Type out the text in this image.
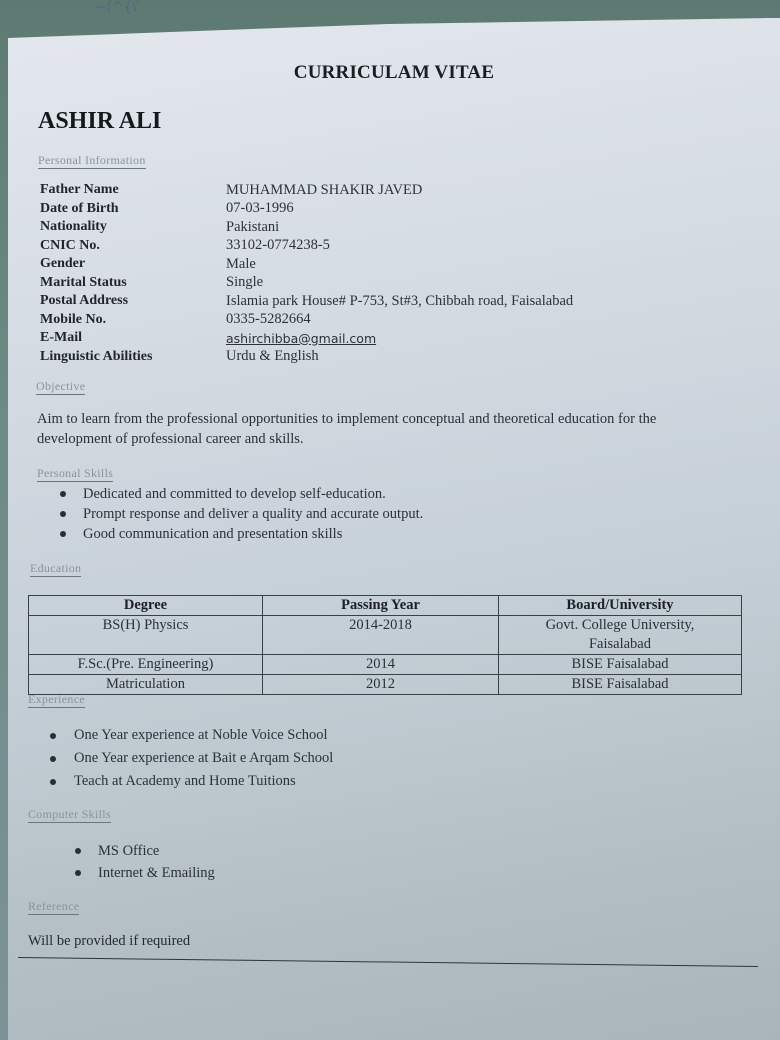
~ſ^{\ ̄
CURRICULAM VITAE
ASHIR ALI
Personal Information
Father Name	MUHAMMAD SHAKIR JAVED
Date of Birth	07-03-1996
Nationality	Pakistani
CNIC No.	33102-0774238-5
Gender	Male
Marital Status	Single
Postal Address	Islamia park House# P-753, St#3, Chibbah road, Faisalabad
Mobile No.	0335-5282664
E-Mail	ashirchibba@gmail.com
Linguistic Abilities	Urdu & English
Objective
Aim to learn from the professional opportunities to implement conceptual and theoretical education for the development of professional career and skills.
Personal Skills
Dedicated and committed to develop self-education.
Prompt response and deliver a quality and accurate output.
Good communication and presentation skills
Education
Degree	Passing Year	Board/University
BS(H) Physics	2014-2018	Govt. College University,
Faisalabad

F.Sc.(Pre. Engineering)	2014	BISE Faisalabad
Matriculation	2012	BISE Faisalabad
Experience
One Year experience at Noble Voice School
One Year experience at Bait e Arqam School
Teach at Academy and Home Tuitions
Computer Skills
MS Office
Internet & Emailing
Reference
Will be provided if required
